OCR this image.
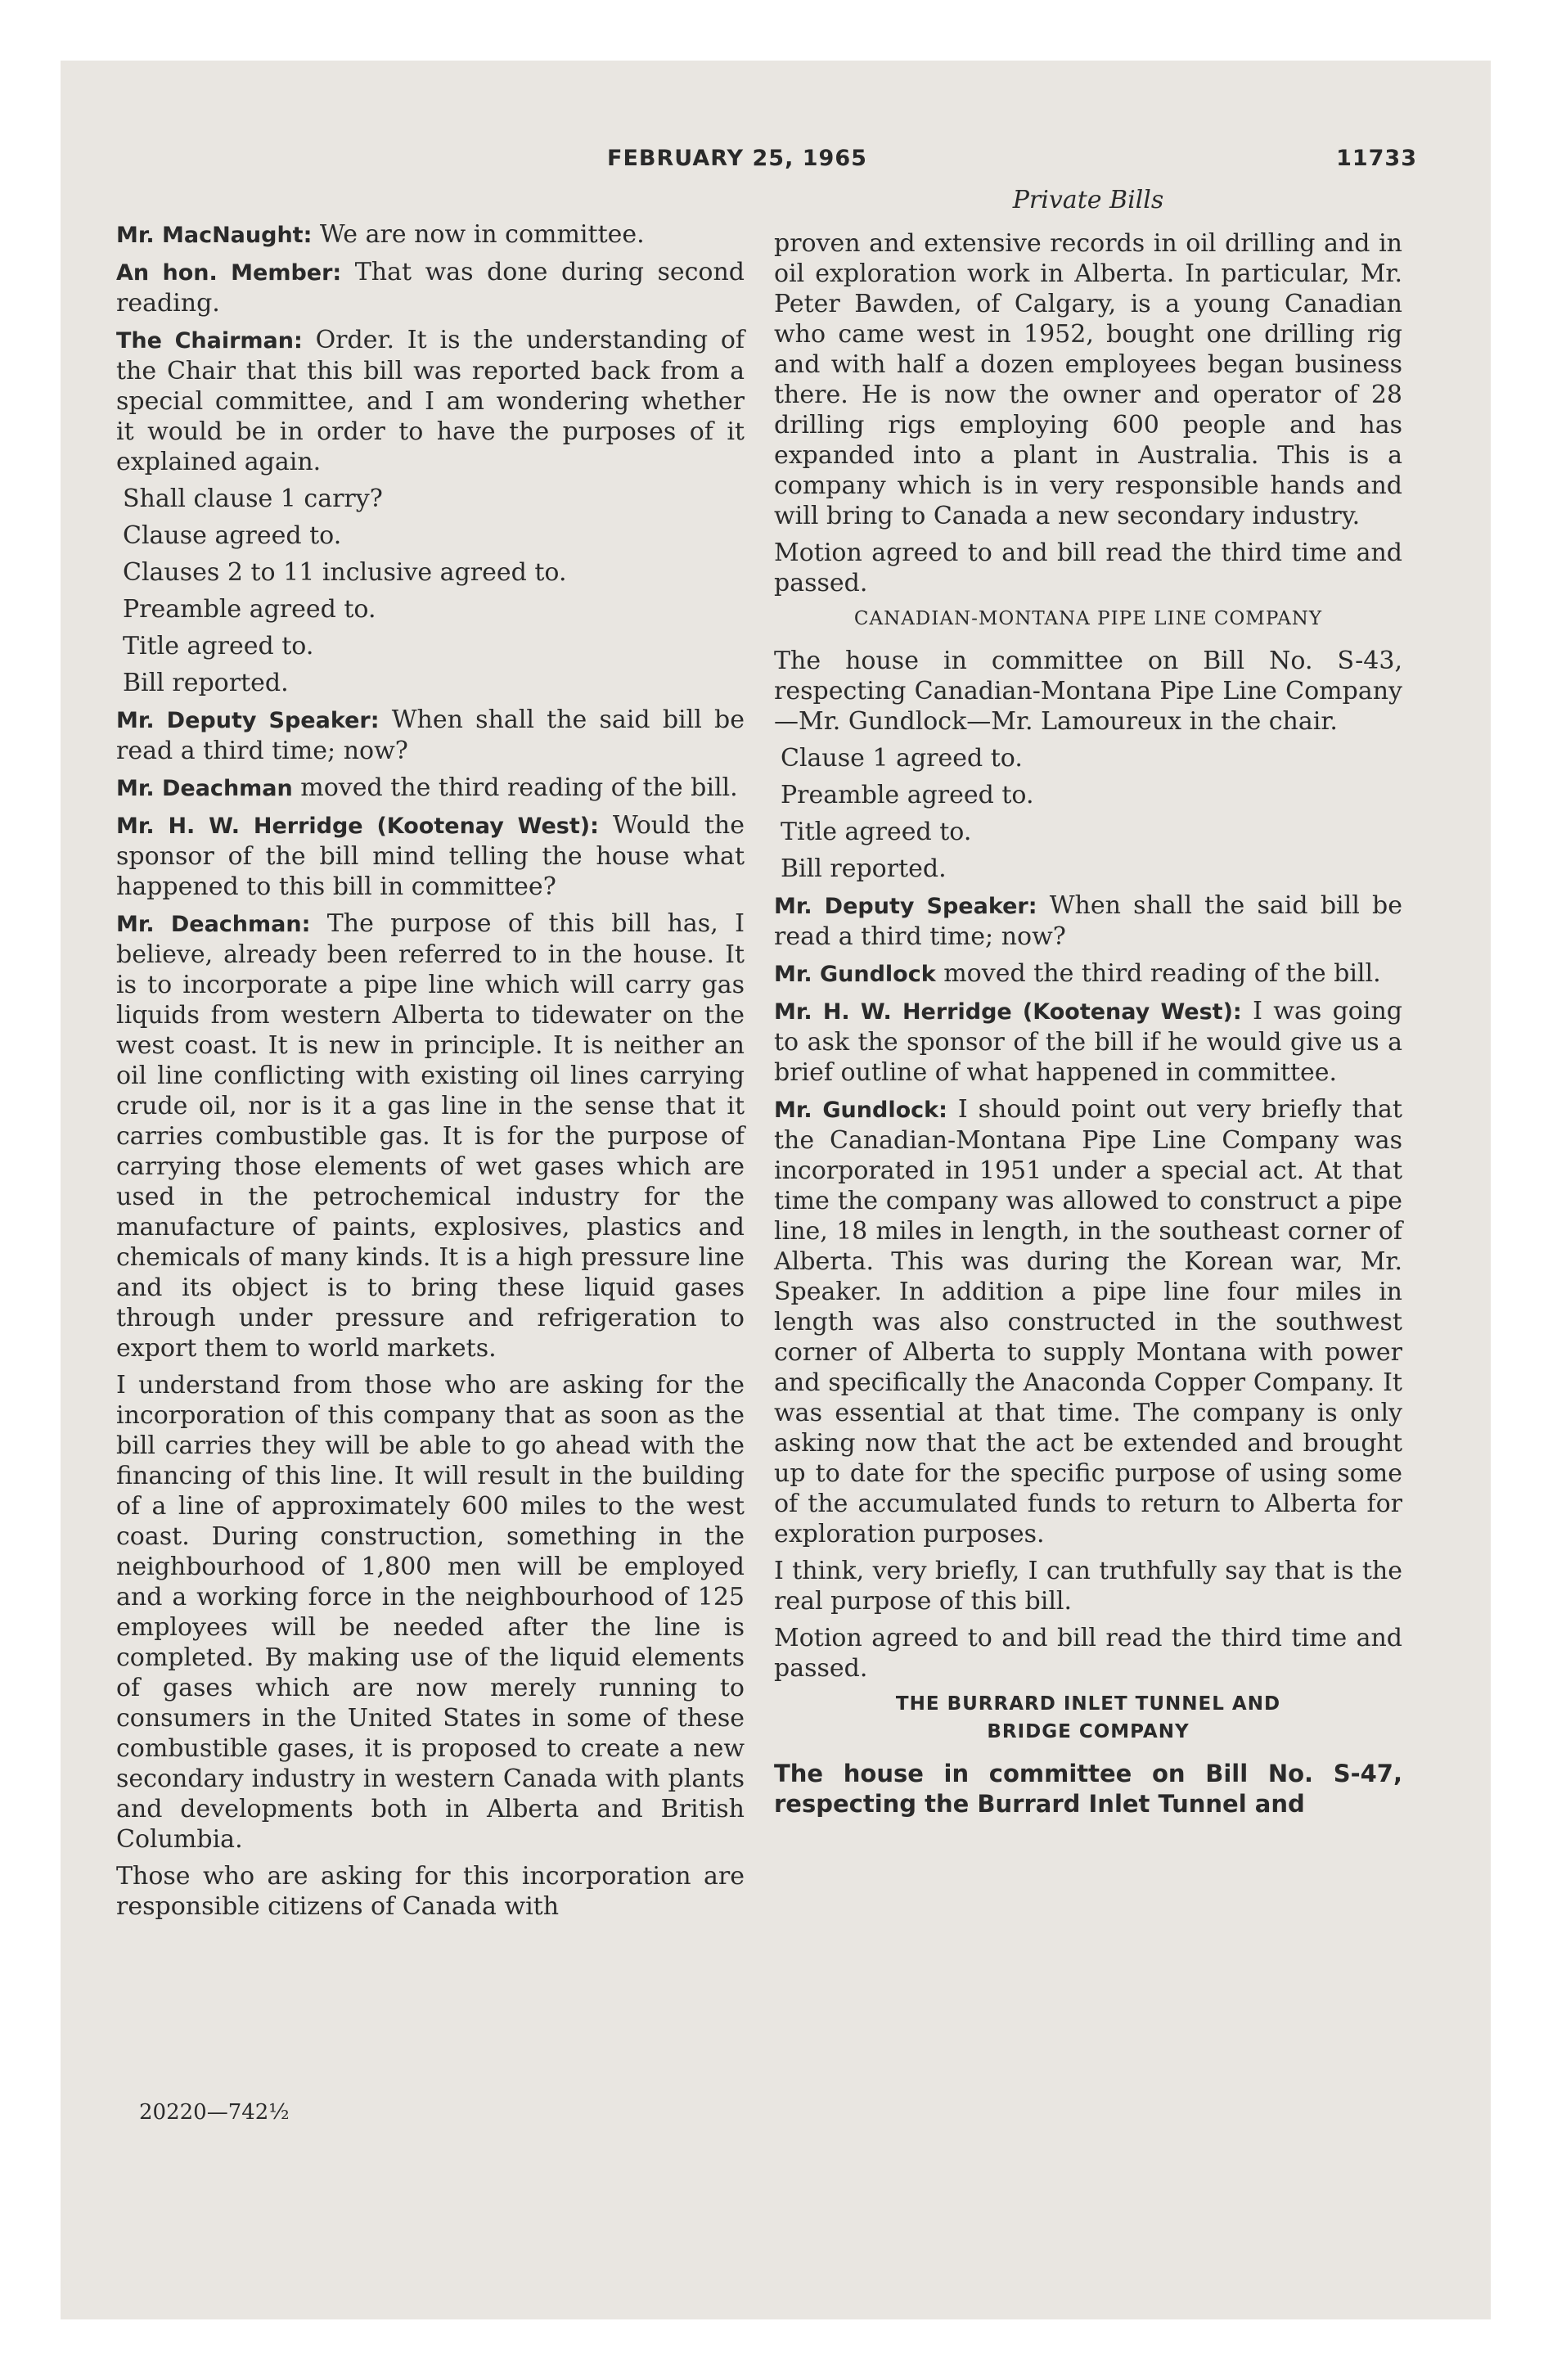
FEBRUARY 25, 1965	11733

Mr. MacNaught: We are now in committee.

An hon. Member: That was done during second reading.

The Chairman: Order. It is the understanding of the Chair that this bill was reported back from a special committee, and I am wondering whether it would be in order to have the purposes of it explained again.

Shall clause 1 carry?

Clause agreed to.

Clauses 2 to 11 inclusive agreed to.

Preamble agreed to.

Title agreed to.

Bill reported.

Mr. Deputy Speaker: When shall the said bill be read a third time; now?

Mr. Deachman moved the third reading of the bill.

Mr. H. W. Herridge (Kootenay West): Would the sponsor of the bill mind telling the house what happened to this bill in committee?

Mr. Deachman: The purpose of this bill has, I believe, already been referred to in the house. It is to incorporate a pipe line which will carry gas liquids from western Alberta to tidewater on the west coast. It is new in principle. It is neither an oil line conflicting with existing oil lines carrying crude oil, nor is it a gas line in the sense that it carries combustible gas. It is for the purpose of carrying those elements of wet gases which are used in the petrochemical industry for the manufacture of paints, explosives, plastics and chemicals of many kinds. It is a high pressure line and its object is to bring these liquid gases through under pressure and refrigeration to export them to world markets.

I understand from those who are asking for the incorporation of this company that as soon as the bill carries they will be able to go ahead with the financing of this line. It will result in the building of a line of approximately 600 miles to the west coast. During construction, something in the neighbourhood of 1,800 men will be employed and a working force in the neighbourhood of 125 employees will be needed after the line is completed. By making use of the liquid elements of gases which are now merely running to consumers in the United States in some of these combustible gases, it is proposed to create a new secondary industry in western Canada with plants and developments both in Alberta and British Columbia.

Those who are asking for this incorporation are responsible citizens of Canada with

20220—742½

Private Bills

proven and extensive records in oil drilling and in oil exploration work in Alberta. In particular, Mr. Peter Bawden, of Calgary, is a young Canadian who came west in 1952, bought one drilling rig and with half a dozen employees began business there. He is now the owner and operator of 28 drilling rigs employing 600 people and has expanded into a plant in Australia. This is a company which is in very responsible hands and will bring to Canada a new secondary industry.

Motion agreed to and bill read the third time and passed.

CANADIAN-MONTANA PIPE LINE COMPANY

The house in committee on Bill No. S-43, respecting Canadian-Montana Pipe Line Company—Mr. Gundlock—Mr. Lamoureux in the chair.

Clause 1 agreed to.

Preamble agreed to.

Title agreed to.

Bill reported.

Mr. Deputy Speaker: When shall the said bill be read a third time; now?

Mr. Gundlock moved the third reading of the bill.

Mr. H. W. Herridge (Kootenay West): I was going to ask the sponsor of the bill if he would give us a brief outline of what happened in committee.

Mr. Gundlock: I should point out very briefly that the Canadian-Montana Pipe Line Company was incorporated in 1951 under a special act. At that time the company was allowed to construct a pipe line, 18 miles in length, in the southeast corner of Alberta. This was during the Korean war, Mr. Speaker. In addition a pipe line four miles in length was also constructed in the southwest corner of Alberta to supply Montana with power and specifically the Anaconda Copper Company. It was essential at that time. The company is only asking now that the act be extended and brought up to date for the specific purpose of using some of the accumulated funds to return to Alberta for exploration purposes.

I think, very briefly, I can truthfully say that is the real purpose of this bill.

Motion agreed to and bill read the third time and passed.

THE BURRARD INLET TUNNEL AND
BRIDGE COMPANY

The house in committee on Bill No. S-47, respecting the Burrard Inlet Tunnel and
